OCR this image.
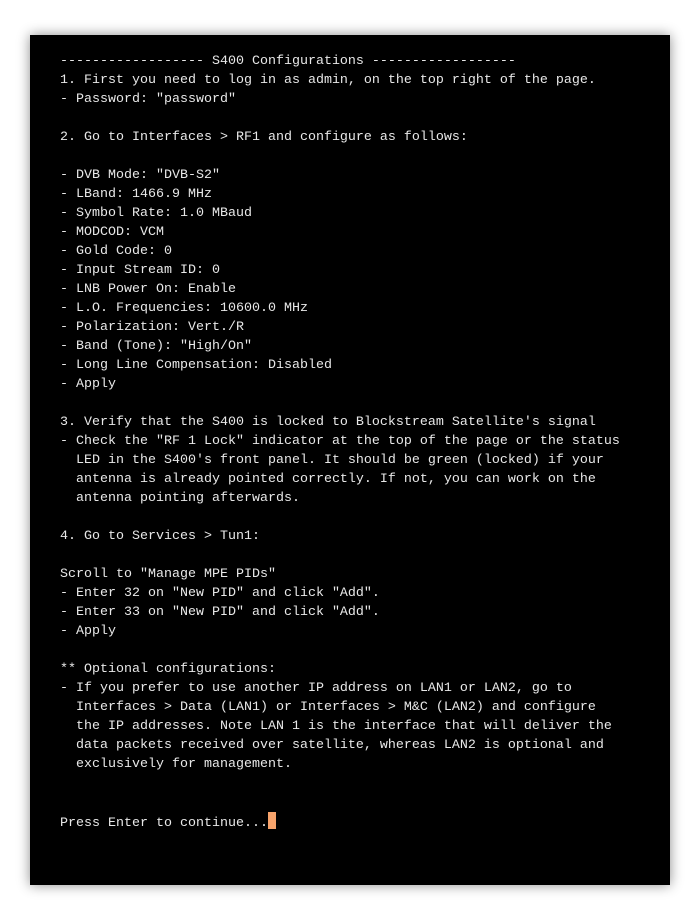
------------------ S400 Configurations ------------------
1. First you need to log in as admin, on the top right of the page.
- Password: "password"
2. Go to Interfaces > RF1 and configure as follows:
- DVB Mode: "DVB-S2"
- LBand: 1466.9 MHz
- Symbol Rate: 1.0 MBaud
- MODCOD: VCM
- Gold Code: 0
- Input Stream ID: 0
- LNB Power On: Enable
- L.O. Frequencies: 10600.0 MHz
- Polarization: Vert./R
- Band (Tone): "High/On"
- Long Line Compensation: Disabled
- Apply
3. Verify that the S400 is locked to Blockstream Satellite's signal
- Check the "RF 1 Lock" indicator at the top of the page or the status
LED in the S400's front panel. It should be green (locked) if your
antenna is already pointed correctly. If not, you can work on the
antenna pointing afterwards.
4. Go to Services > Tun1:
Scroll to "Manage MPE PIDs"
- Enter 32 on "New PID" and click "Add".
- Enter 33 on "New PID" and click "Add".
- Apply
** Optional configurations:
- If you prefer to use another IP address on LAN1 or LAN2, go to
Interfaces > Data (LAN1) or Interfaces > M&C (LAN2) and configure
the IP addresses. Note LAN 1 is the interface that will deliver the
data packets received over satellite, whereas LAN2 is optional and
exclusively for management.
Press Enter to continue...
